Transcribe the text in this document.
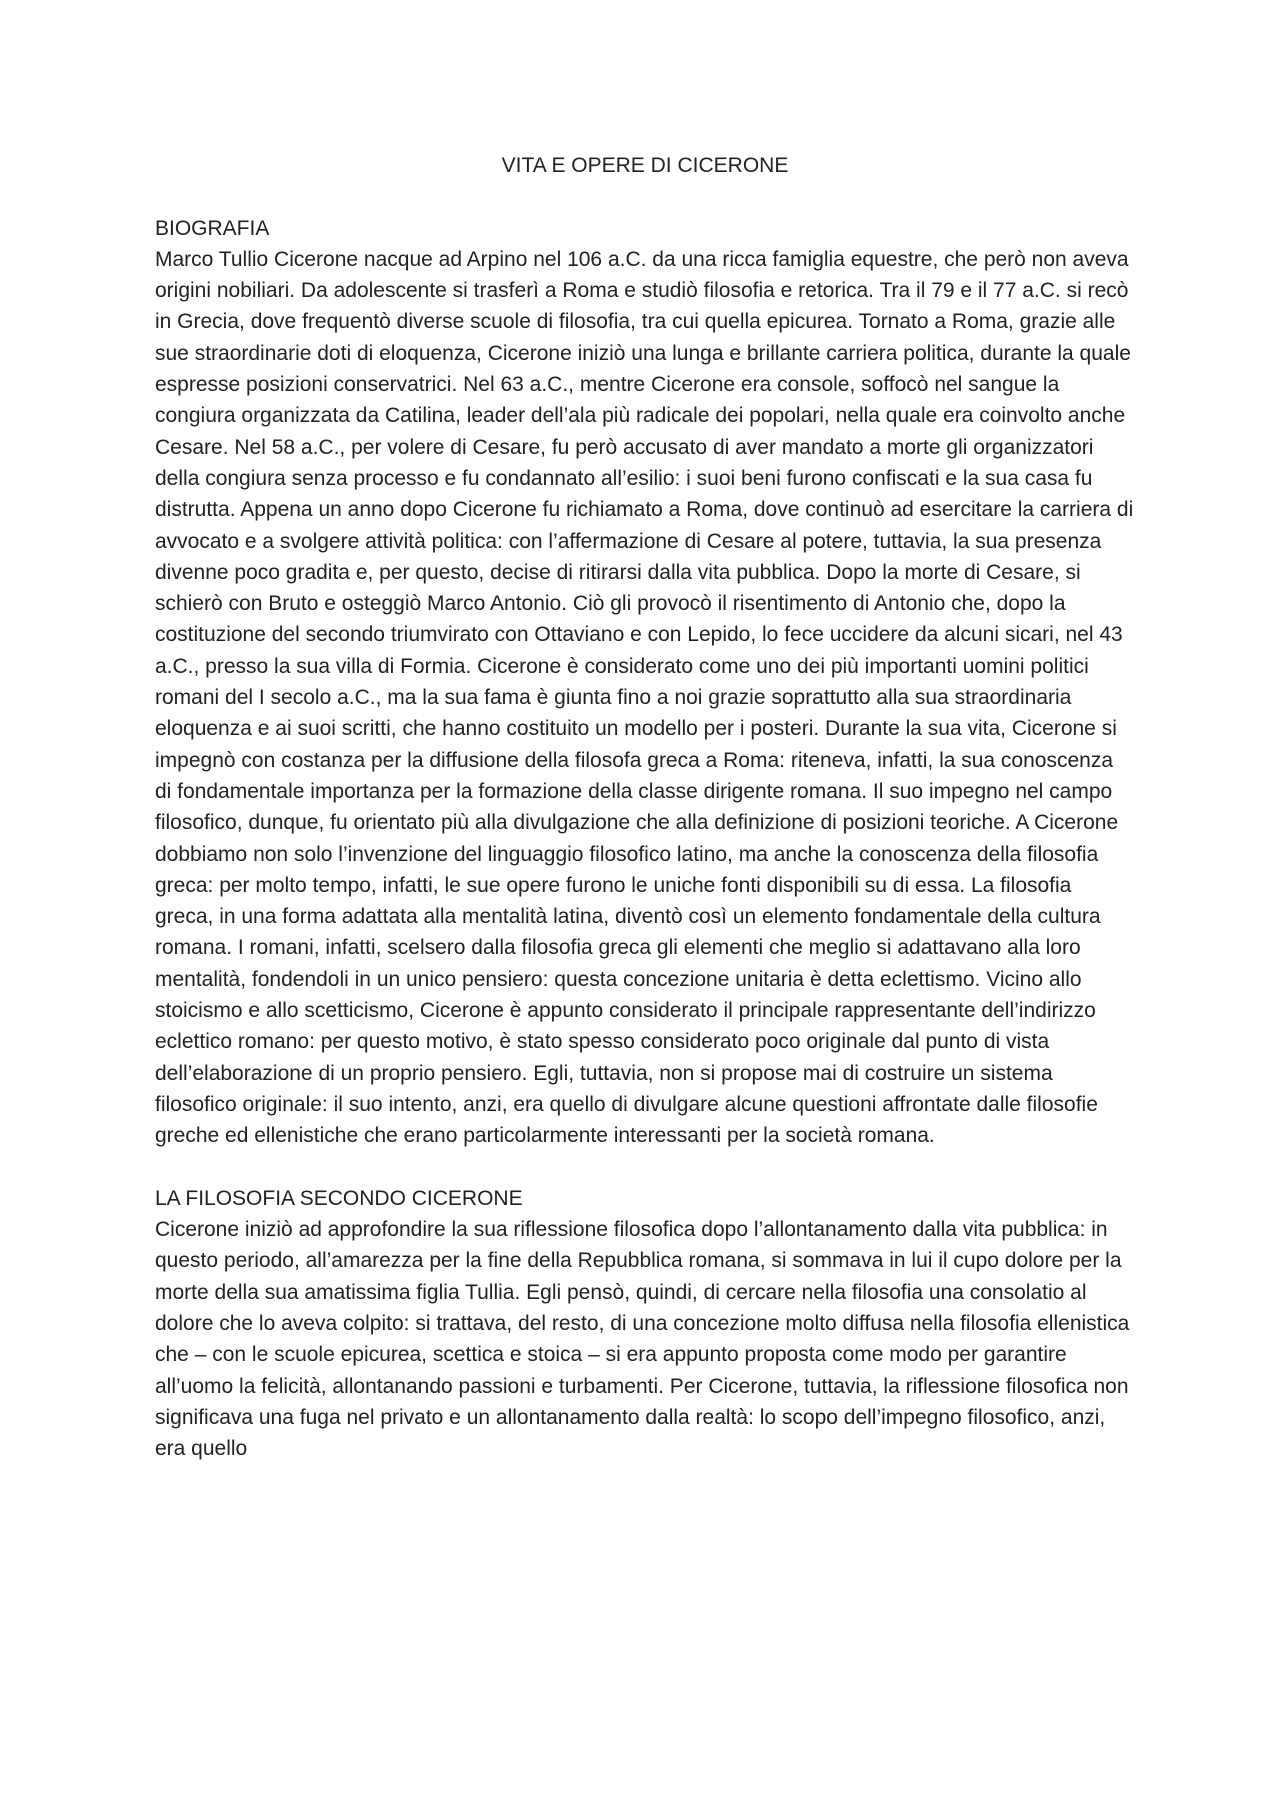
VITA E OPERE DI CICERONE
BIOGRAFIA

Marco Tullio Cicerone nacque ad Arpino nel 106 a.C. da una ricca famiglia equestre, che però non aveva origini nobiliari. Da adolescente si trasferì a Roma e studiò filosofia e retorica. Tra il 79 e il 77 a.C. si recò in Grecia, dove frequentò diverse scuole di filosofia, tra cui quella epicurea. Tornato a Roma, grazie alle sue straordinarie doti di eloquenza, Cicerone iniziò una lunga e brillante carriera politica, durante la quale espresse posizioni conservatrici. Nel 63 a.C., mentre Cicerone era console, soffocò nel sangue la congiura organizzata da Catilina, leader dell’ala più radicale dei popolari, nella quale era coinvolto anche Cesare. Nel 58 a.C., per volere di Cesare, fu però accusato di aver mandato a morte gli organizzatori della congiura senza processo e fu condannato all’esilio: i suoi beni furono confiscati e la sua casa fu distrutta. Appena un anno dopo Cicerone fu richiamato a Roma, dove continuò ad esercitare la carriera di avvocato e a svolgere attività politica: con l’affermazione di Cesare al potere, tuttavia, la sua presenza divenne poco gradita e, per questo, decise di ritirarsi dalla vita pubblica. Dopo la morte di Cesare, si schierò con Bruto e osteggiò Marco Antonio. Ciò gli provocò il risentimento di Antonio che, dopo la costituzione del secondo triumvirato con Ottaviano e con Lepido, lo fece uccidere da alcuni sicari, nel 43 a.C., presso la sua villa di Formia. Cicerone è considerato come uno dei più importanti uomini politici romani del I secolo a.C., ma la sua fama è giunta fino a noi grazie soprattutto alla sua straordinaria eloquenza e ai suoi scritti, che hanno costituito un modello per i posteri. Durante la sua vita, Cicerone si impegnò con costanza per la diffusione della filosofa greca a Roma: riteneva, infatti, la sua conoscenza di fondamentale importanza per la formazione della classe dirigente romana. Il suo impegno nel campo filosofico, dunque, fu orientato più alla divulgazione che alla definizione di posizioni teoriche. A Cicerone dobbiamo non solo l’invenzione del linguaggio filosofico latino, ma anche la conoscenza della filosofia greca: per molto tempo, infatti, le sue opere furono le uniche fonti disponibili su di essa. La filosofia greca, in una forma adattata alla mentalità latina, diventò così un elemento fondamentale della cultura romana. I romani, infatti, scelsero dalla filosofia greca gli elementi che meglio si adattavano alla loro mentalità, fondendoli in un unico pensiero: questa concezione unitaria è detta eclettismo. Vicino allo stoicismo e allo scetticismo, Cicerone è appunto considerato il principale rappresentante dell’indirizzo eclettico romano: per questo motivo, è stato spesso considerato poco originale dal punto di vista dell’elaborazione di un proprio pensiero. Egli, tuttavia, non si propose mai di costruire un sistema filosofico originale: il suo intento, anzi, era quello di divulgare alcune questioni affrontate dalle filosofie greche ed ellenistiche che erano particolarmente interessanti per la società romana.

LA FILOSOFIA SECONDO CICERONE

Cicerone iniziò ad approfondire la sua riflessione filosofica dopo l’allontanamento dalla vita pubblica: in questo periodo, all’amarezza per la fine della Repubblica romana, si sommava in lui il cupo dolore per la morte della sua amatissima figlia Tullia. Egli pensò, quindi, di cercare nella filosofia una consolatio al dolore che lo aveva colpito: si trattava, del resto, di una concezione molto diffusa nella filosofia ellenistica che – con le scuole epicurea, scettica e stoica – si era appunto proposta come modo per garantire all’uomo la felicità, allontanando passioni e turbamenti. Per Cicerone, tuttavia, la riflessione filosofica non significava una fuga nel privato e un allontanamento dalla realtà: lo scopo dell’impegno filosofico, anzi, era quello
